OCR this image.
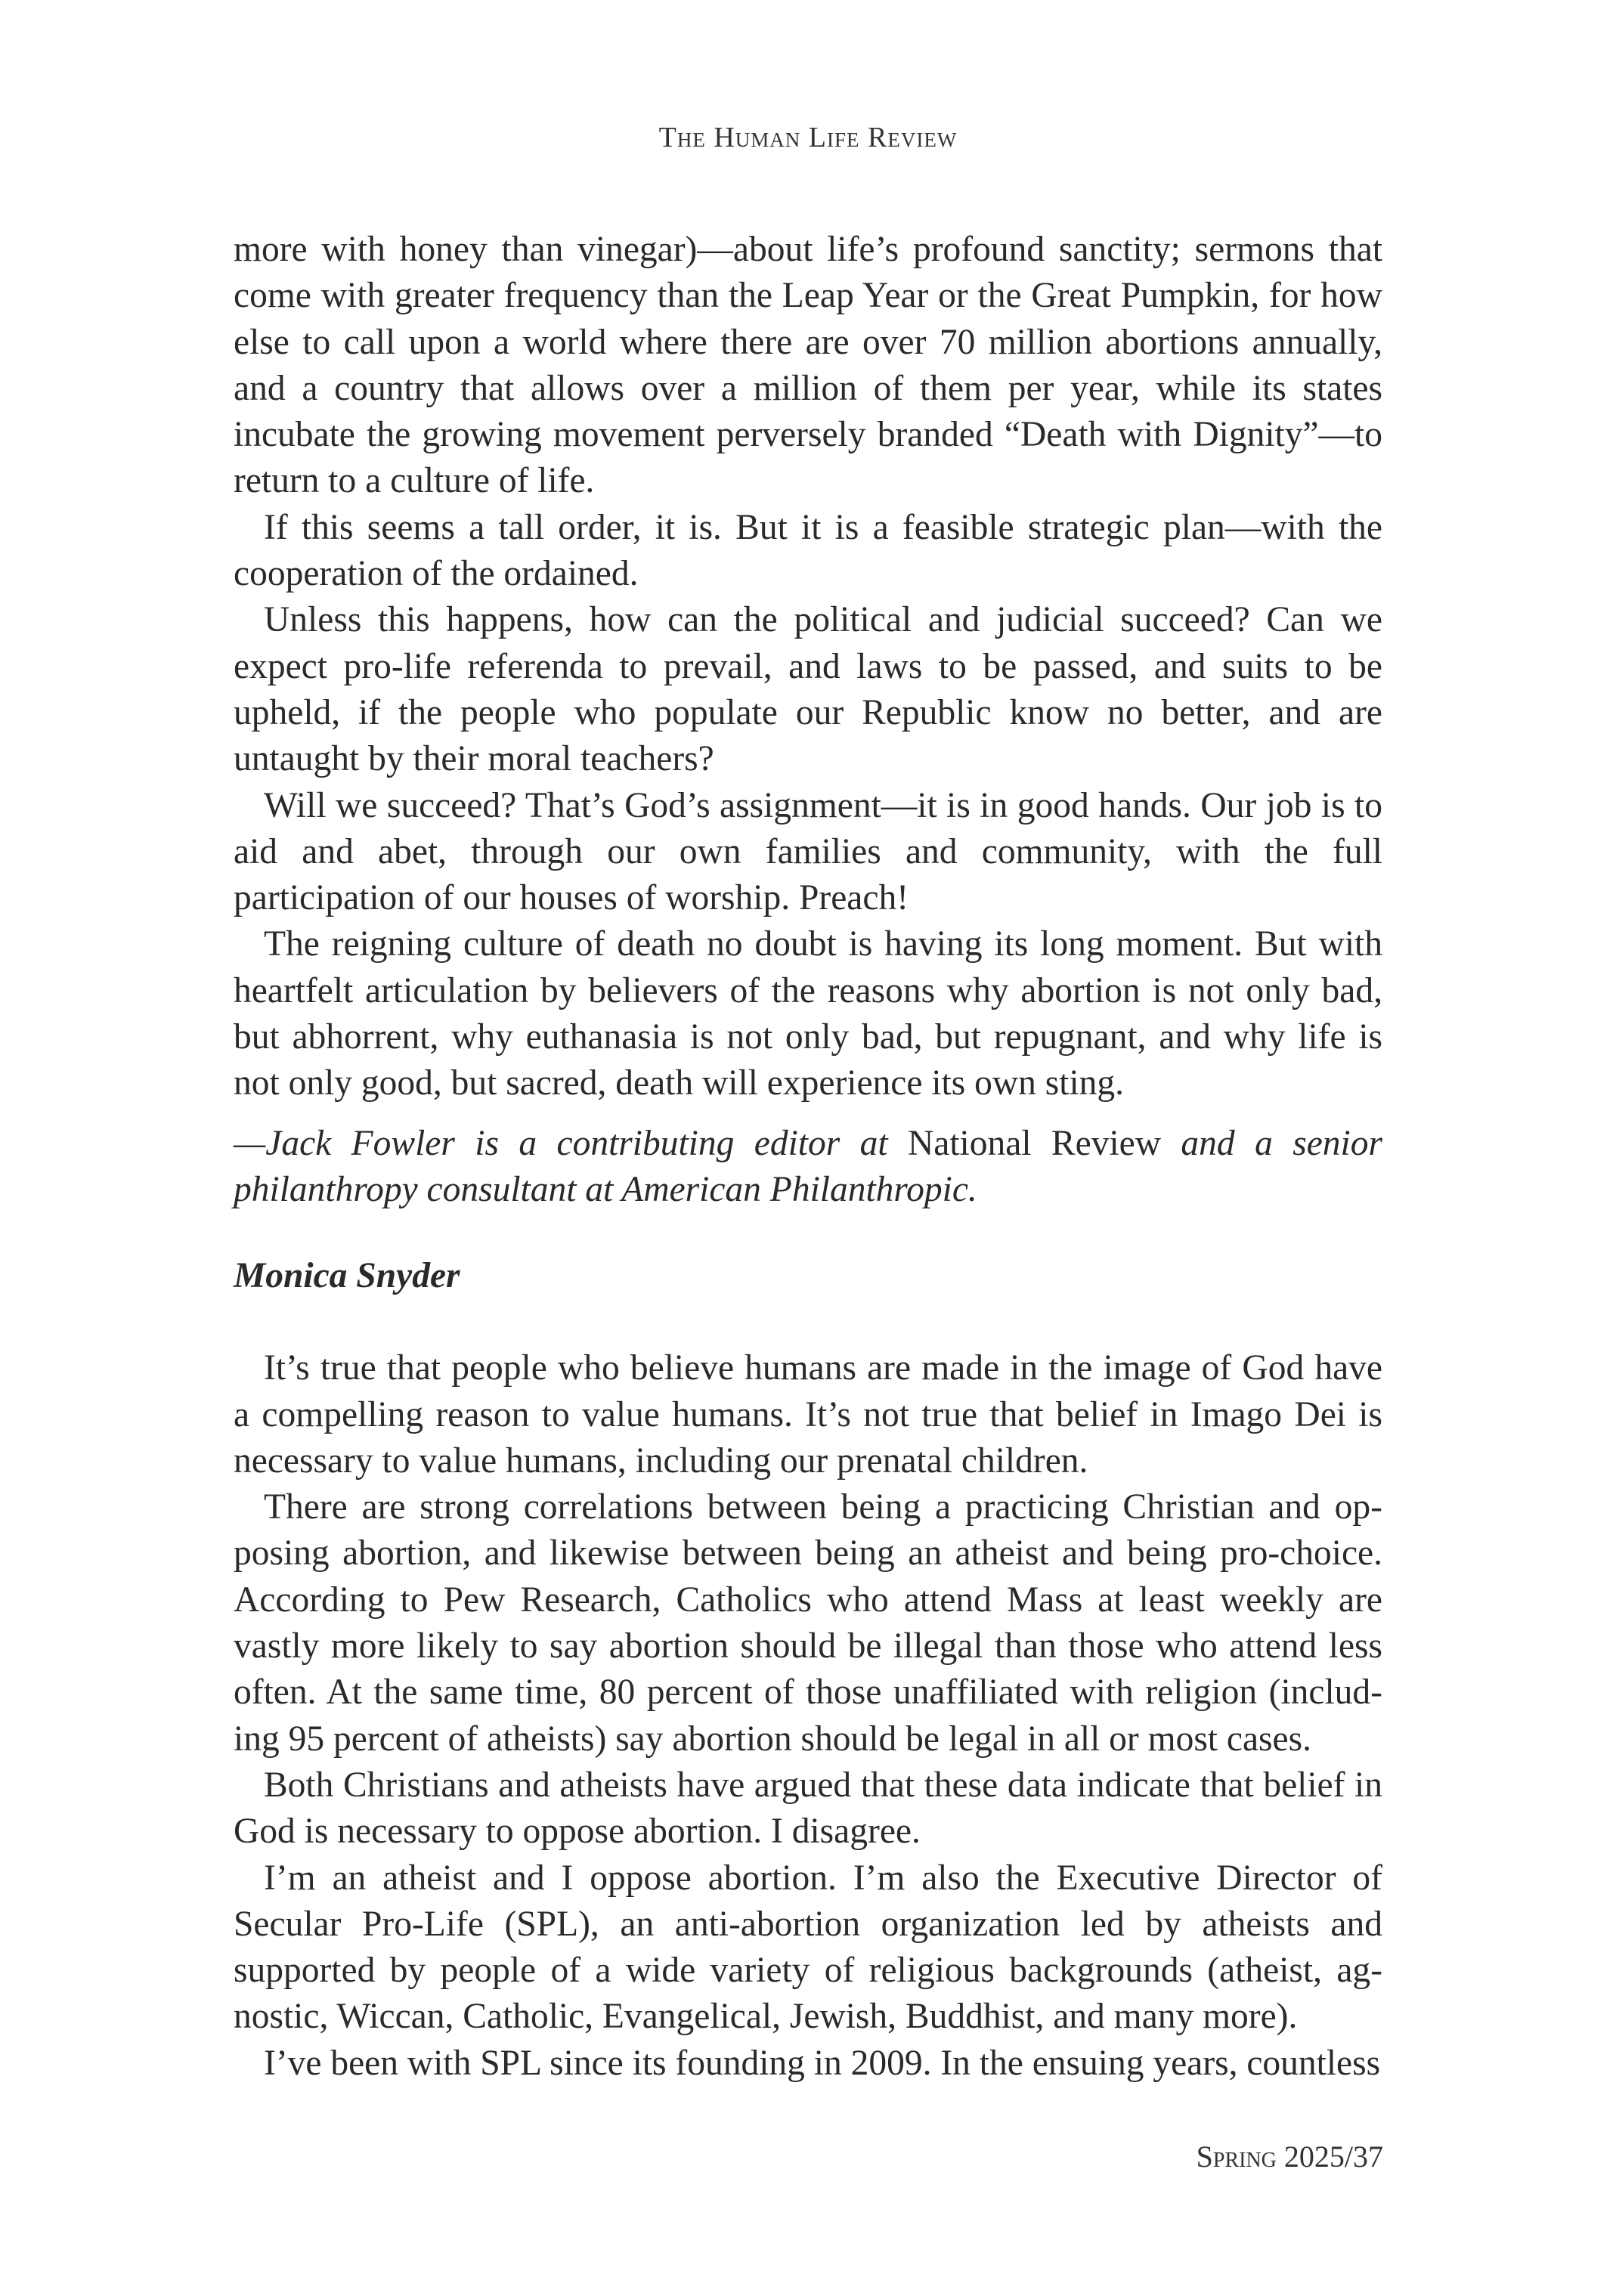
The Human Life Review

more with honey than vinegar)—about life’s profound sanctity; sermons that come with greater frequency than the Leap Year or the Great Pumpkin, for how else to call upon a world where there are over 70 million abortions annually, and a country that allows over a million of them per year, while its states incubate the growing movement perversely branded “Death with Dignity”—to return to a culture of life.

If this seems a tall order, it is. But it is a feasible strategic plan—with the cooperation of the ordained.

Unless this happens, how can the political and judicial succeed? Can we expect pro-life referenda to prevail, and laws to be passed, and suits to be upheld, if the people who populate our Republic know no better, and are untaught by their moral teachers?

Will we succeed? That’s God’s assignment—it is in good hands. Our job is to aid and abet, through our own families and community, with the full participation of our houses of worship. Preach!

The reigning culture of death no doubt is having its long moment. But with heartfelt articulation by believers of the reasons why abortion is not only bad, but abhorrent, why euthanasia is not only bad, but repugnant, and why life is not only good, but sacred, death will experience its own sting.

—Jack Fowler is a contributing editor at National Review and a senior philanthropy consultant at American Philanthropic.
Monica Snyder

It’s true that people who believe humans are made in the image of God have a compelling reason to value humans. It’s not true that belief in Imago Dei is necessary to value humans, including our prenatal children.

There are strong correlations between being a practicing Christian and opposing abortion, and likewise between being an atheist and being pro-choice. According to Pew Research, Catholics who attend Mass at least weekly are vastly more likely to say abortion should be illegal than those who attend less often. At the same time, 80 percent of those unaffiliated with religion (including 95 percent of atheists) say abortion should be legal in all or most cases.

Both Christians and atheists have argued that these data indicate that belief in God is necessary to oppose abortion. I disagree.

I’m an atheist and I oppose abortion. I’m also the Executive Director of Secular Pro-Life (SPL), an anti-abortion organization led by atheists and supported by people of a wide variety of religious backgrounds (atheist, agnostic, Wiccan, Catholic, Evangelical, Jewish, Buddhist, and many more).

I’ve been with SPL since its founding in 2009. In the ensuing years, countless

Spring 2025/37
